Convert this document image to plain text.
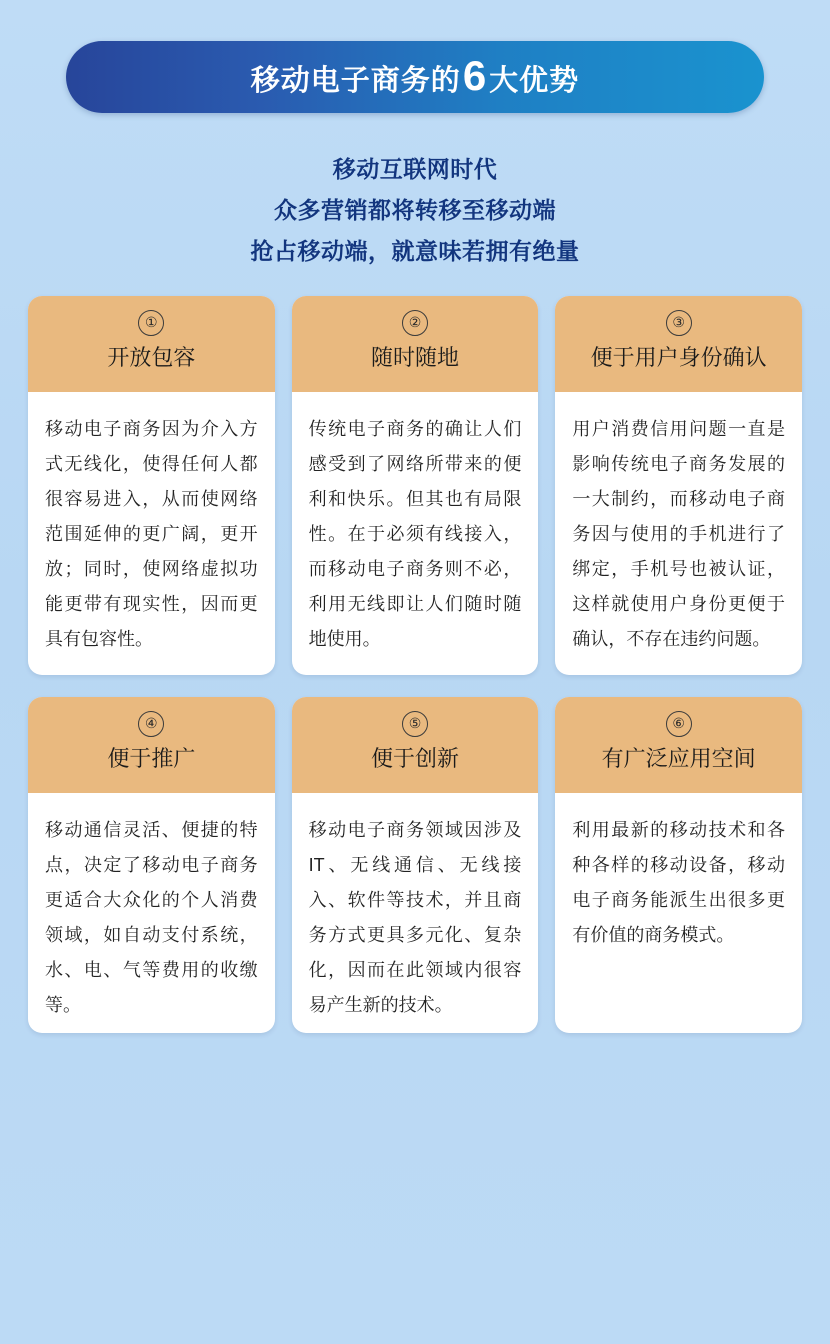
移动电子商务的 6 大优势
移动互联网时代
众多营销都将转移至移动端
抢占移动端，就意味若拥有绝量
①
开放包容
移动电子商务因为介入方式无线化，使得任何人都很容易进入，从而使网络范围延伸的更广阔，更开放；同时，使网络虚拟功能更带有现实性，因而更具有包容性。
②
随时随地
传统电子商务的确让人们感受到了网络所带来的便利和快乐。但其也有局限性。在于必须有线接入，而移动电子商务则不必，利用无线即让人们随时随地使用。
③
便于用户身份确认
用户消费信用问题一直是影响传统电子商务发展的一大制约，而移动电子商务因与使用的手机进行了绑定，手机号也被认证，这样就使用户身份更便于确认，不存在违约问题。
④
便于推广
移动通信灵活、便捷的特点，决定了移动电子商务更适合大众化的个人消费领域，如自动支付系统，水、电、气等费用的收缴等。
⑤
便于创新
移动电子商务领域因涉及IT、无线通信、无线接入、软件等技术，并且商务方式更具多元化、复杂化，因而在此领域内很容易产生新的技术。
⑥
有广泛应用空间
利用最新的移动技术和各种各样的移动设备，移动电子商务能派生出很多更有价值的商务模式。
